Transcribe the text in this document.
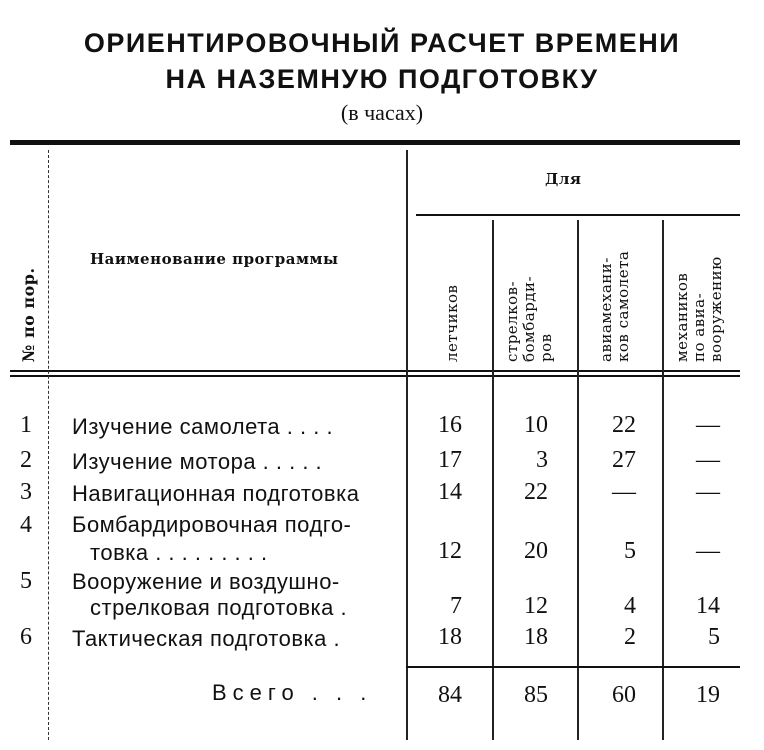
ОРИЕНТИРОВОЧНЫЙ РАСЧЕТ ВРЕМЕНИ
НА НАЗЕМНУЮ ПОДГОТОВКУ
(в часах)
№ по пор.
Наименование программы
Для
летчиков	стрелков- бомбарди- ров	авиамехани- ков самолета	механиков по авиа- вооружению
1 Изучение самолета . . . .	16	10	22	—
2 Изучение мотора . . . . .	17	3	27	—
3 Навигационная подготовка	14	22	—	—
4 Бомбардировочная подго-
товка . . . . . . . . .	12	20	5	—
5 Вооружение и воздушно-
стрелковая подготовка .	7	12	4	14
6 Тактическая подготовка .	18	18	2	5
Всего . . .	84	85	60	19
